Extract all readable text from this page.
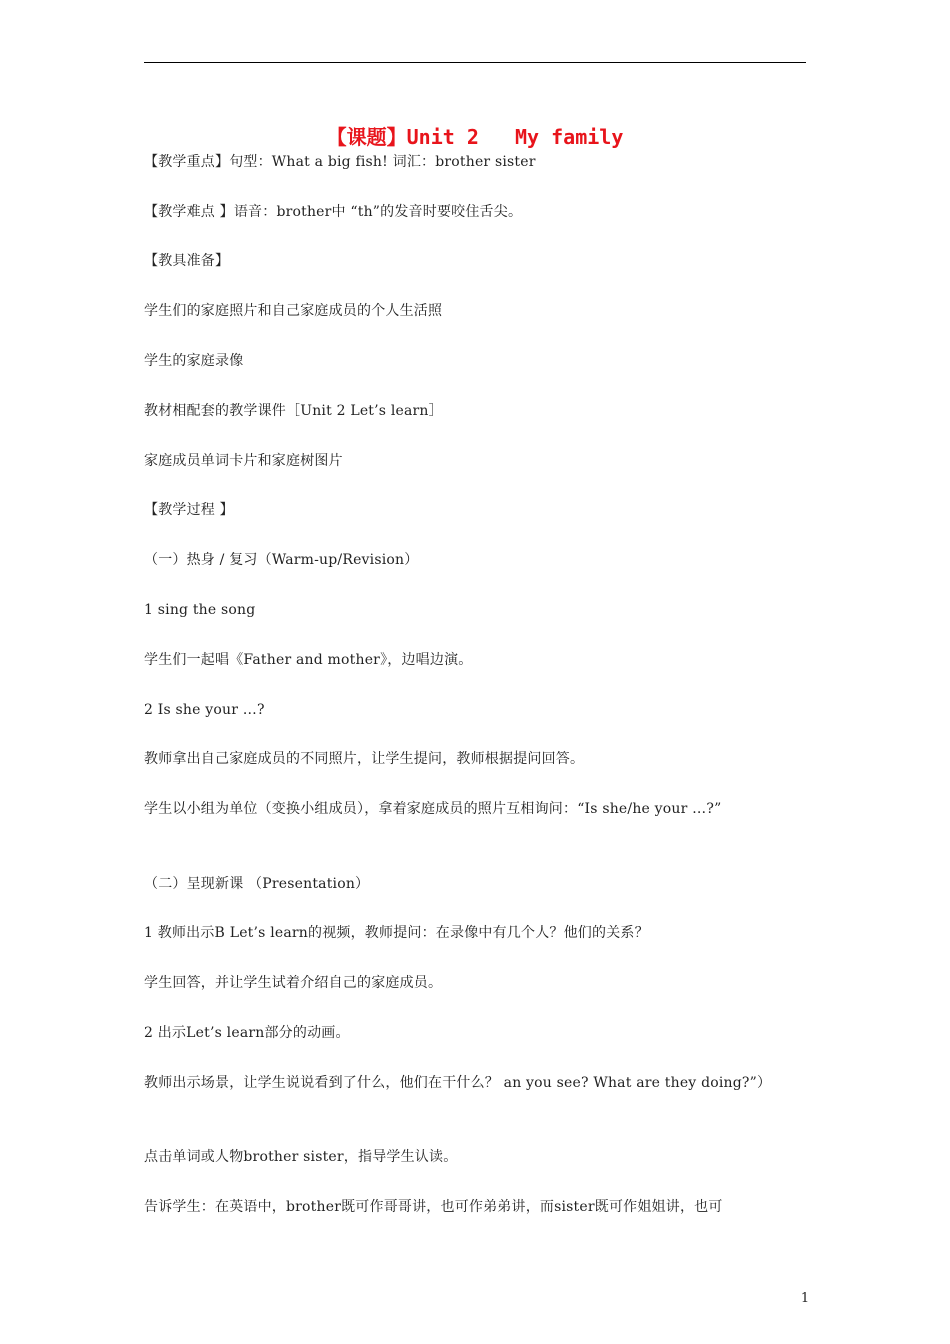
【课题】Unit 2   My family
【教学重点】句型：What a big fish! 词汇：brother sister
【教学难点 】语音：brother中 “th”的发音时要咬住舌尖。
【教具准备】
学生们的家庭照片和自己家庭成员的个人生活照
学生的家庭录像
教材相配套的教学课件［Unit 2 Let’s learn］
家庭成员单词卡片和家庭树图片
【教学过程 】
（一）热身 / 复习（Warm-up/Revision）
1 sing the song
学生们一起唱《Father and mother》，边唱边演。
2 Is she your …?
教师拿出自己家庭成员的不同照片，让学生提问，教师根据提问回答。
学生以小组为单位（变换小组成员），拿着家庭成员的照片互相询问：“Is she/he your …?”
（二）呈现新课 （Presentation）
1 教师出示B Let’s learn的视频，教师提问：在录像中有几个人？他们的关系？
学生回答，并让学生试着介绍自己的家庭成员。
2 出示Let’s learn部分的动画。
教师出示场景，让学生说说看到了什么，他们在干什么？ an you see? What are they doing?”）
点击单词或人物brother sister，指导学生认读。
告诉学生：在英语中，brother既可作哥哥讲，也可作弟弟讲，而sister既可作姐姐讲，也可
1
